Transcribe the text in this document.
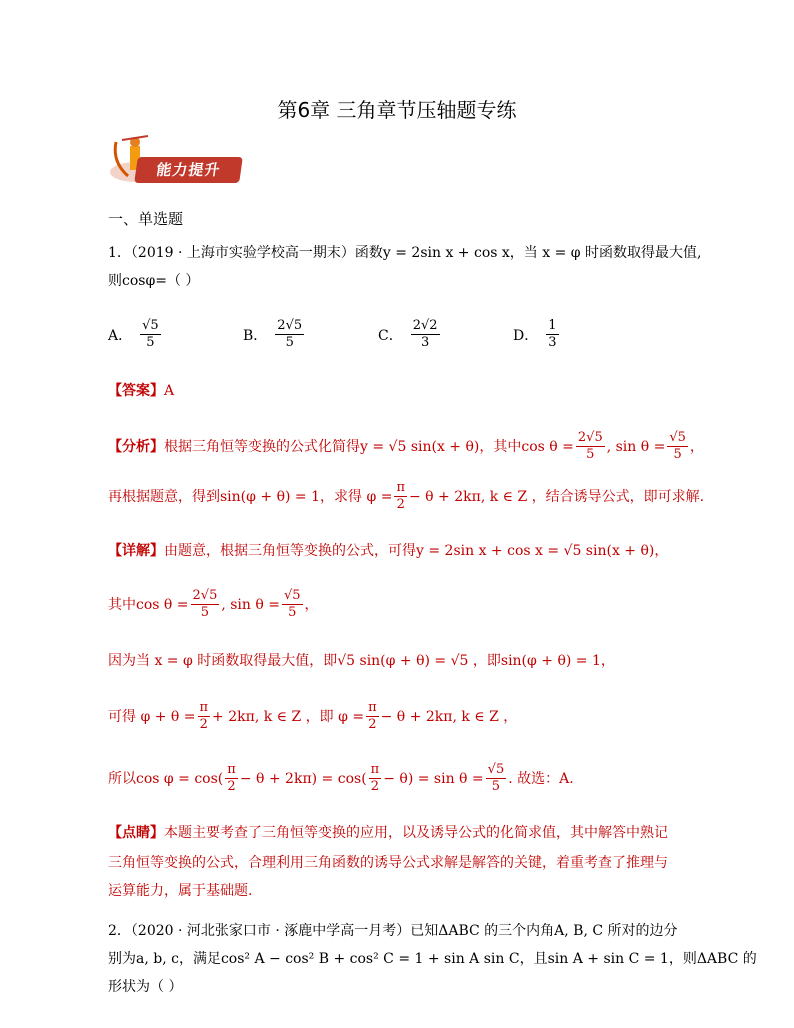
第6章 三角章节压轴题专练
能力提升
一、单选题
1．（2019 · 上海市实验学校高一期末）函数y = 2sin x + cos x，当 x = φ 时函数取得最大值,
则cosφ=（ ）
A． $\frac{√5}{5}$	B． $\frac{2√5}{5}$	C． $\frac{2√2}{3}$	D． $\frac{1}{3}$
【答案】A
【分析】 根据三角恒等变换的公式化简得y = √5 sin(x + θ)，其中$\cos \theta = \frac{2√5}{5}$ , $\sin \theta = \frac{√5}{5}$ ，
再根据题意，得到sin(φ + θ) = 1，求得 $\varphi = \frac{\pi}{2} - \theta + 2k\pi$, k ∈ Z ，结合诱导公式，即可求解.
【详解】由题意，根据三角恒等变换的公式，可得y = 2sin x + cos x = √5 sin(x + θ)，
其中$\cos \theta = \frac{2√5}{5}$ , $\sin \theta = \frac{√5}{5}$ ，
因为当 x = φ 时函数取得最大值，即√5 sin(φ + θ) = √5 ，即sin(φ + θ) = 1，
可得 $\varphi + \theta = \frac{\pi}{2} + 2k\pi$, k ∈ Z ，即 $\varphi = \frac{\pi}{2} - \theta + 2k\pi$, k ∈ Z ，
所以$\cos \varphi = \cos( \frac{\pi}{2} - \theta + 2k\pi) = \cos( \frac{\pi}{2} - \theta) = \sin \theta = \frac{√5}{5}$ . 故选：A.
【点睛】本题主要考查了三角恒等变换的应用，以及诱导公式的化简求值，其中解答中熟记
三角恒等变换的公式，合理利用三角函数的诱导公式求解是解答的关键，着重考查了推理与
运算能力，属于基础题.
2．（2020 · 河北张家口市 · 涿鹿中学高一月考）已知ΔABC 的三个内角A, B, C 所对的边分
别为a, b, c，满足cos² A − cos² B + cos² C = 1 + sin A sin C，且sin A + sin C = 1，则ΔABC 的
形状为（ ）
